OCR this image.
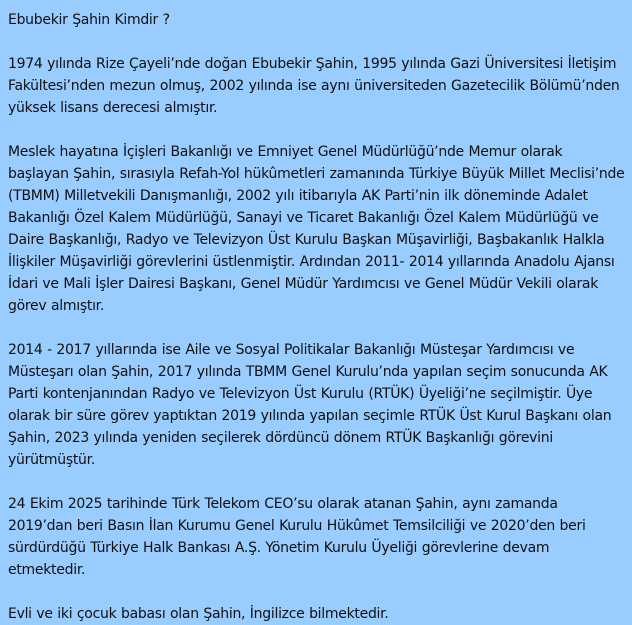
Ebubekir Şahin Kimdir ?

1974 yılında Rize Çayeli’nde doğan Ebubekir Şahin, 1995 yılında Gazi Üniversitesi İletişim Fakültesi’nden mezun olmuş, 2002 yılında ise aynı üniversiteden Gazetecilik Bölümü’nden yüksek lisans derecesi almıştır.

Meslek hayatına İçişleri Bakanlığı ve Emniyet Genel Müdürlüğü’nde Memur olarak başlayan Şahin, sırasıyla Refah-Yol hükûmetleri zamanında Türkiye Büyük Millet Meclisi’nde (TBMM) Milletvekili Danışmanlığı, 2002 yılı itibarıyla AK Parti’nin ilk döneminde Adalet Bakanlığı Özel Kalem Müdürlüğü, Sanayi ve Ticaret Bakanlığı Özel Kalem Müdürlüğü ve Daire Başkanlığı, Radyo ve Televizyon Üst Kurulu Başkan Müşavirliği, Başbakanlık Halkla İlişkiler Müşavirliği görevlerini üstlenmiştir. Ardından 2011- 2014 yıllarında Anadolu Ajansı İdari ve Mali İşler Dairesi Başkanı, Genel Müdür Yardımcısı ve Genel Müdür Vekili olarak görev almıştır.

2014 - 2017 yıllarında ise Aile ve Sosyal Politikalar Bakanlığı Müsteşar Yardımcısı ve Müsteşarı olan Şahin, 2017 yılında TBMM Genel Kurulu’nda yapılan seçim sonucunda AK Parti kontenjanından Radyo ve Televizyon Üst Kurulu (RTÜK) Üyeliği’ne seçilmiştir. Üye olarak bir süre görev yaptıktan 2019 yılında yapılan seçimle RTÜK Üst Kurul Başkanı olan Şahin, 2023 yılında yeniden seçilerek dördüncü dönem RTÜK Başkanlığı görevini yürütmüştür.

24 Ekim 2025 tarihinde Türk Telekom CEO’su olarak atanan Şahin, aynı zamanda 2019’dan beri Basın İlan Kurumu Genel Kurulu Hükûmet Temsilciliği ve 2020’den beri sürdürdüğü Türkiye Halk Bankası A.Ş. Yönetim Kurulu Üyeliği görevlerine devam etmektedir.

Evli ve iki çocuk babası olan Şahin, İngilizce bilmektedir.
